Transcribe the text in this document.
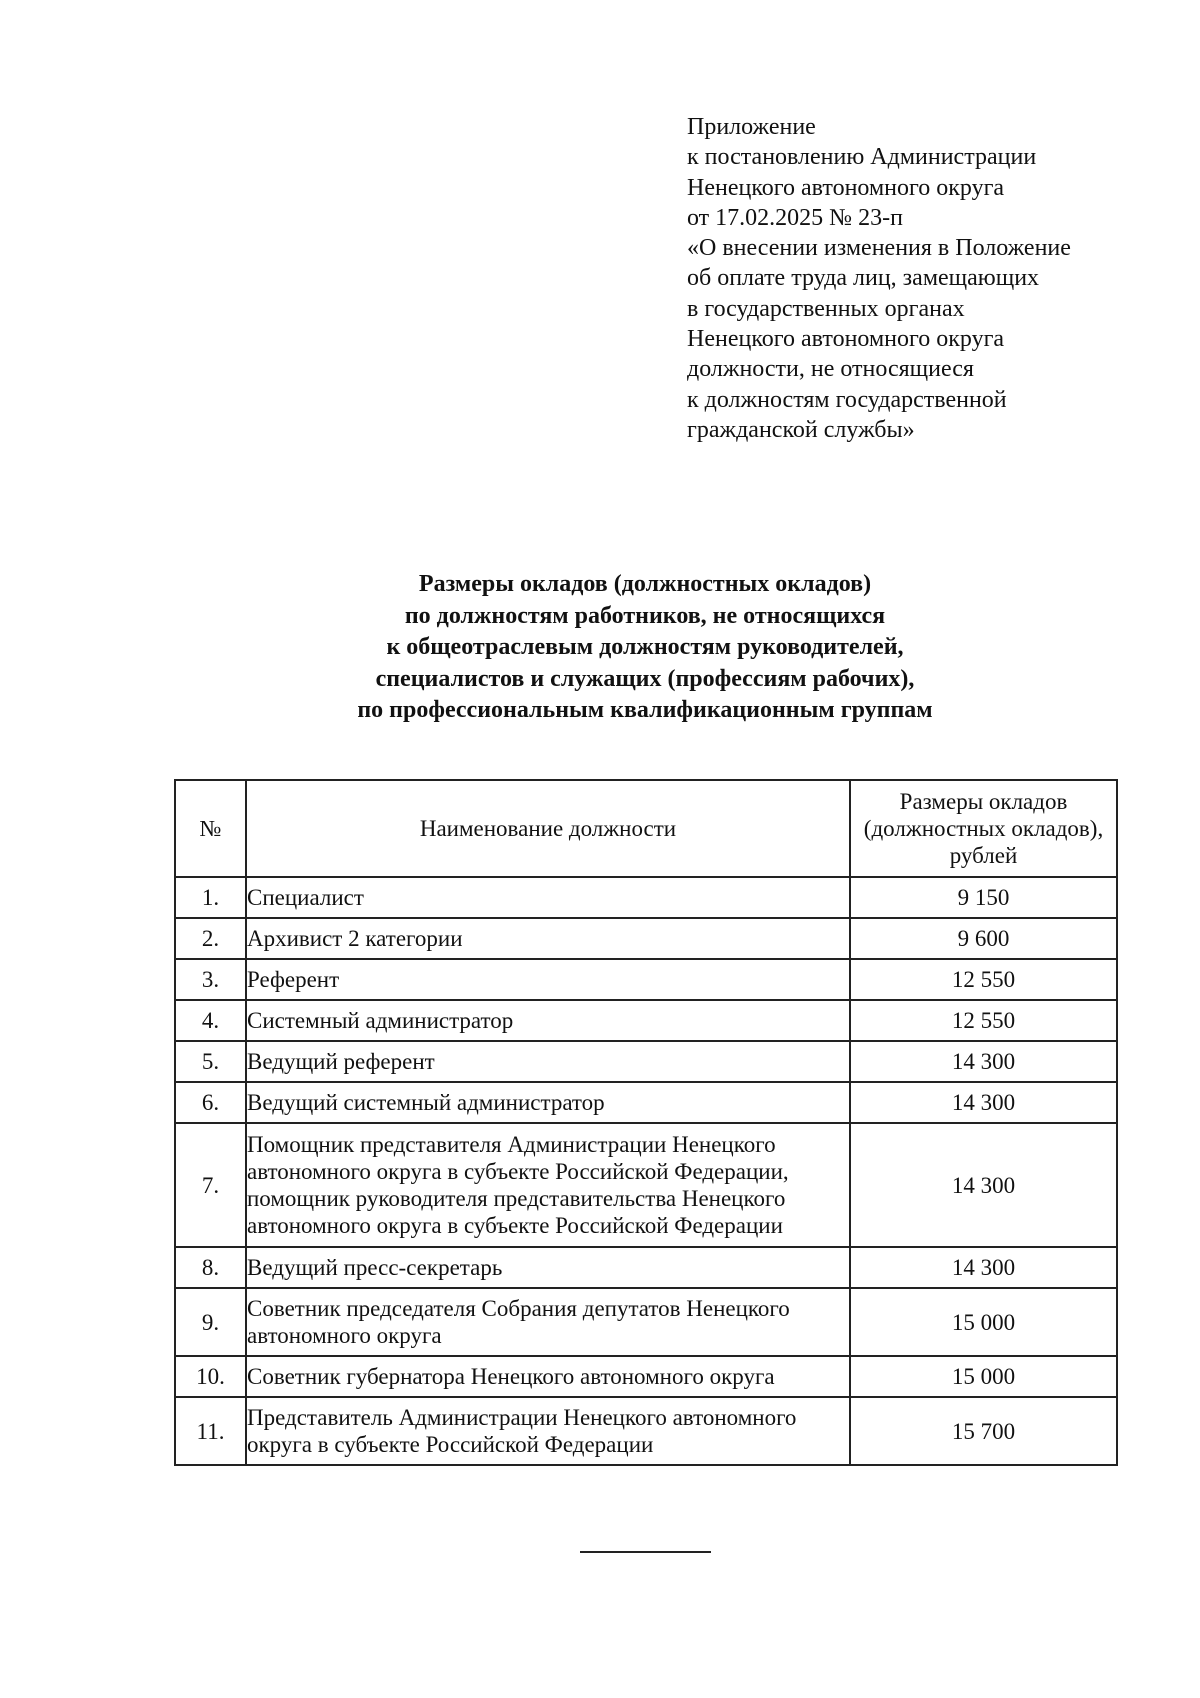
Приложение
к постановлению Администрации
Ненецкого автономного округа
от 17.02.2025 № 23-п
«О внесении изменения в Положение
об оплате труда лиц, замещающих
в государственных органах
Ненецкого автономного округа
должности, не относящиеся
к должностям государственной
гражданской службы»
Размеры окладов (должностных окладов)
по должностям работников, не относящихся
к общеотраслевым должностям руководителей,
специалистов и служащих (профессиям рабочих),
по профессиональным квалификационным группам
№	Наименование должности	Размеры окладов
(должностных окладов),
рублей

1.	Специалист	9 150
2.	Архивист 2 категории	9 600
3.	Референт	12 550
4.	Системный администратор	12 550
5.	Ведущий референт	14 300
6.	Ведущий системный администратор	14 300
7.	Помощник представителя Администрации Ненецкого
автономного округа в субъекте Российской Федерации,
помощник руководителя представительства Ненецкого
автономного округа в субъекте Российской Федерации	14 300
8.	Ведущий пресс-секретарь	14 300
9.	Советник председателя Собрания депутатов Ненецкого
автономного округа	15 000
10.	Советник губернатора Ненецкого автономного округа	15 000
11.	Представитель Администрации Ненецкого автономного
округа в субъекте Российской Федерации	15 700
